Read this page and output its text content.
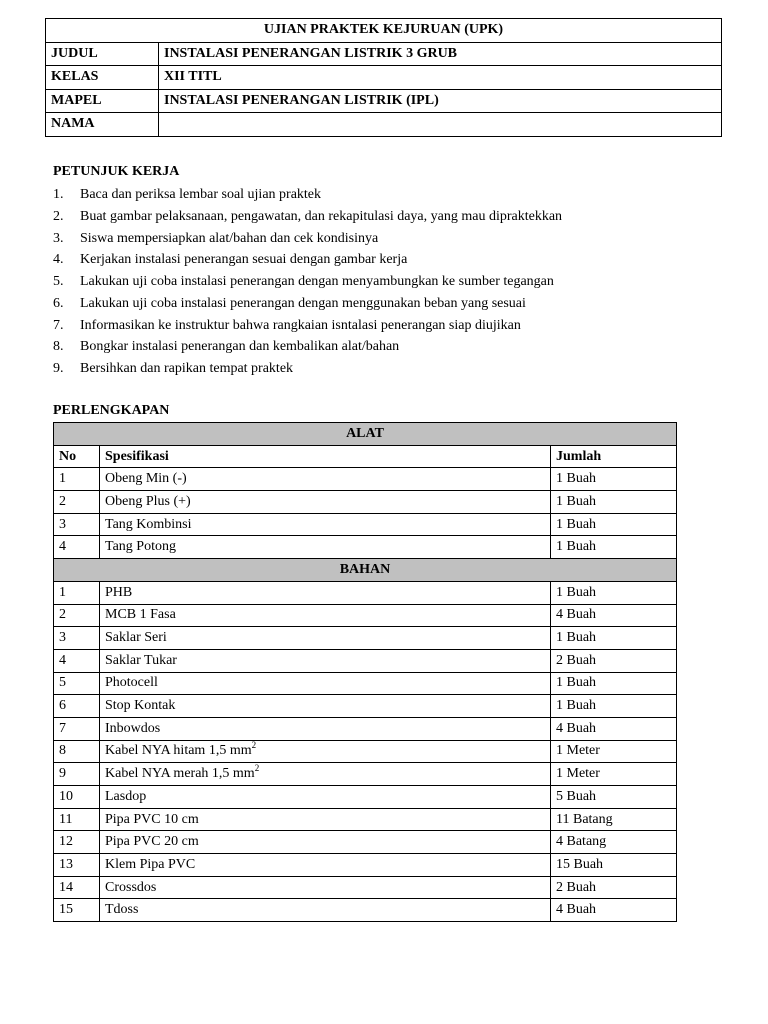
UJIAN PRAKTEK KEJURUAN (UPK)	
JUDUL	INSTALASI PENERANGAN LISTRIK 3 GRUB
KELAS	XII TITL
MAPEL	INSTALASI PENERANGAN LISTRIK (IPL)
NAMA	
PETUNJUK KERJA
1. Baca dan periksa lembar soal ujian praktek
2. Buat gambar pelaksanaan, pengawatan, dan rekapitulasi daya, yang mau dipraktekkan
3. Siswa mempersiapkan alat/bahan dan cek kondisinya
4. Kerjakan instalasi penerangan sesuai dengan gambar kerja
5. Lakukan uji coba instalasi penerangan dengan menyambungkan ke sumber tegangan
6. Lakukan uji coba instalasi penerangan dengan menggunakan beban yang sesuai
7. Informasikan ke instruktur bahwa rangkaian isntalasi penerangan siap diujikan
8. Bongkar instalasi penerangan dan kembalikan alat/bahan
9. Bersihkan dan rapikan tempat praktek
PERLENGKAPAN
ALAT		
No	Spesifikasi	Jumlah
1	Obeng Min (-)	1 Buah
2	Obeng Plus (+)	1 Buah
3	Tang Kombinsi	1 Buah
4	Tang Potong	1 Buah
BAHAN		
1	PHB	1 Buah
2	MCB 1 Fasa	4 Buah
3	Saklar Seri	1 Buah
4	Saklar Tukar	2 Buah
5	Photocell	1 Buah
6	Stop Kontak	1 Buah
7	Inbowdos	4 Buah
8	Kabel NYA hitam 1,5 $mm^2$	1 Meter
9	Kabel NYA merah 1,5 $mm^2$	1 Meter
10	Lasdop	5 Buah
11	Pipa PVC 10 cm	11 Batang
12	Pipa PVC 20 cm	4 Batang
13	Klem Pipa PVC	15 Buah
14	Crossdos	2 Buah
15	Tdoss	4 Buah
